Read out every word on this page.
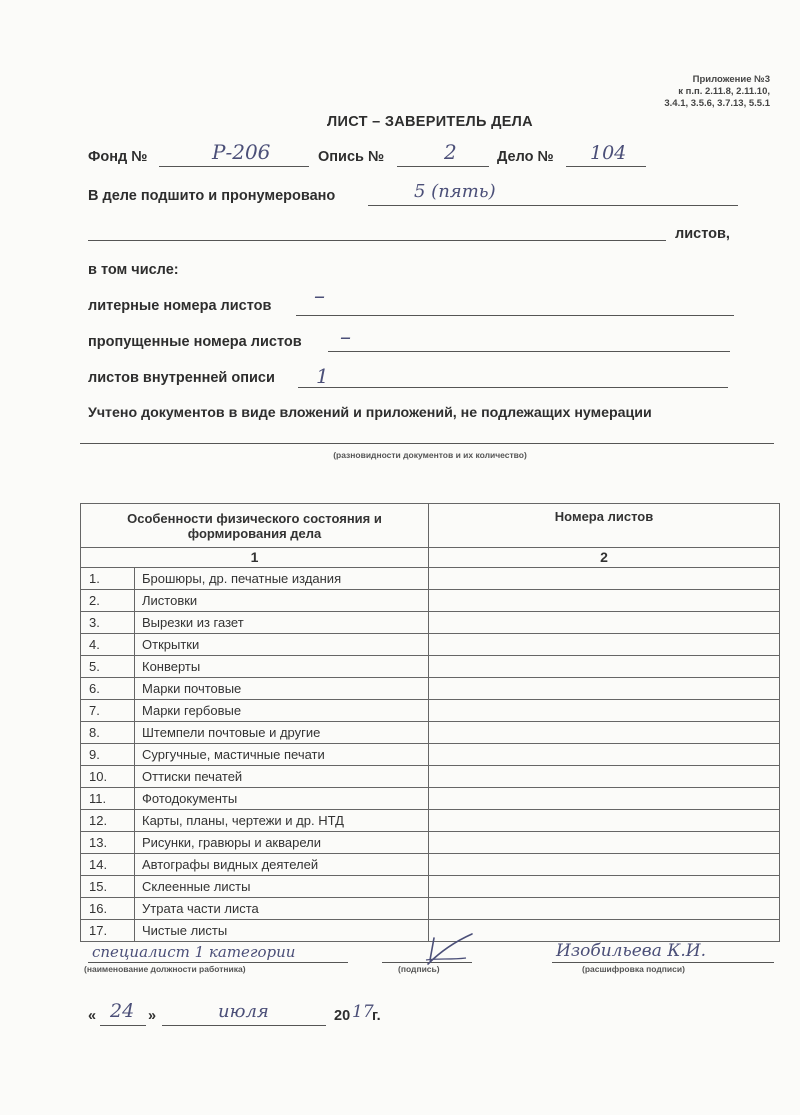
Приложение №3
к п.п. 2.11.8, 2.11.10,
3.4.1, 3.5.6, 3.7.13, 5.5.1
ЛИСТ – ЗАВЕРИТЕЛЬ ДЕЛА
Фонд №	Р-206	Опись №	2	Дело № 104
В деле подшито и пронумеровано	5 (пять)
листов,
в том числе:
литерные номера листов –
пропущенные номера листов –
листов внутренней описи 1
Учтено документов в виде вложений и приложений, не подлежащих нумерации
(разновидности документов и их количество)
Особенности физического состояния и формирования дела		Номера листов
1		2
1.	Брошюры, др. печатные издания	
2.	Листовки	
3.	Вырезки из газет	
4.	Открытки	
5.	Конверты	
6.	Марки почтовые	
7.	Марки гербовые	
8.	Штемпели почтовые и другие	
9.	Сургучные, мастичные печати	
10.	Оттиски печатей	
11.	Фотодокументы	
12.	Карты, планы, чертежи и др. НТД	
13.	Рисунки, гравюры и акварели	
14.	Автографы видных деятелей	
15.	Склеенные листы	
16.	Утрата части листа	
17.	Чистые листы	
специалист 1 категории
(наименование должности работника)	(подпись)
Изобильева К.И.
(расшифровка подписи)
« 24 »	июля	20 17
г.
